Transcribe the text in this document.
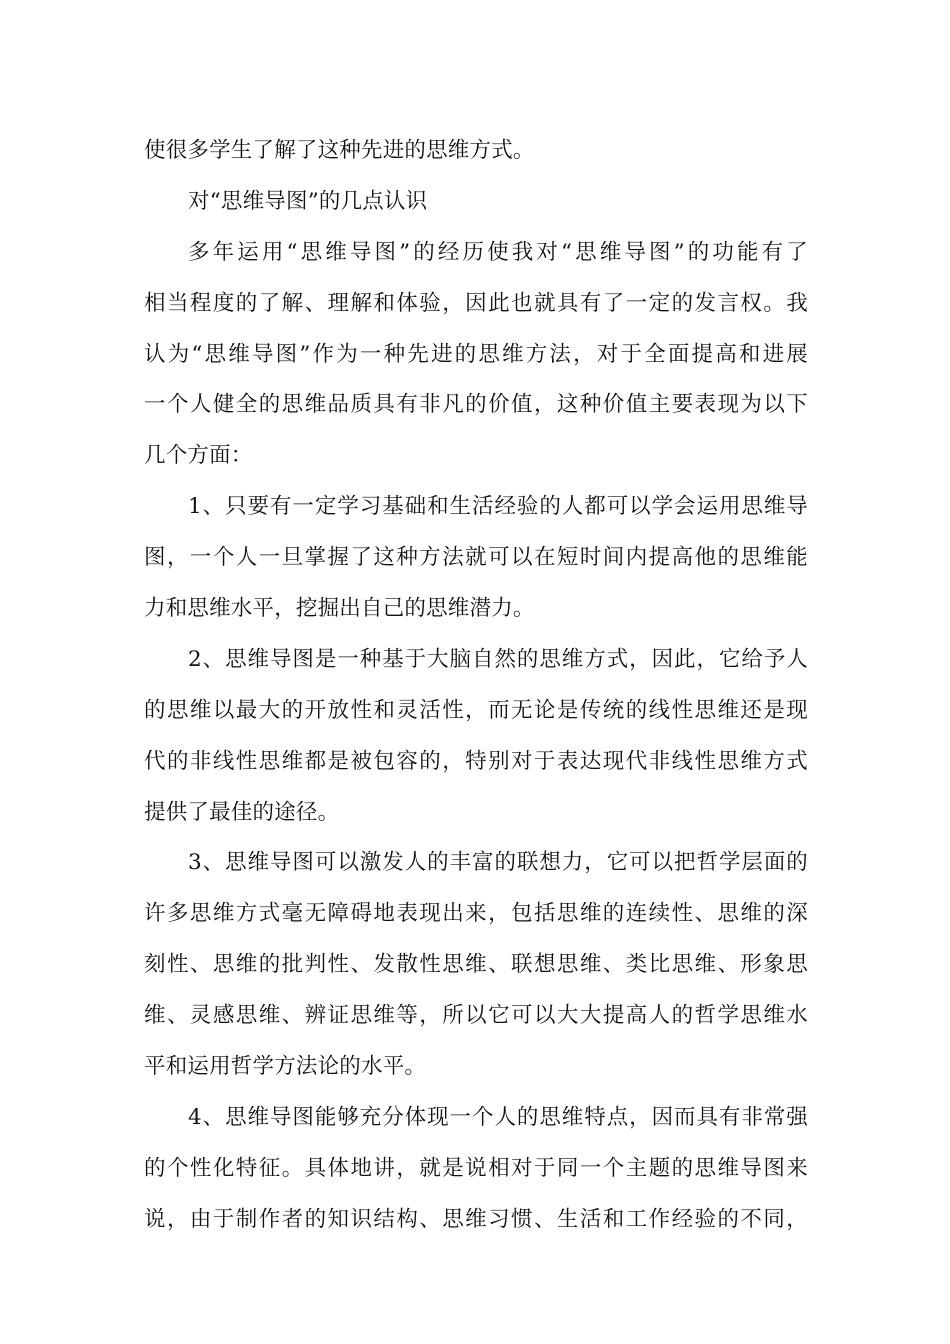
使很多学生了解了这种先进的思维方式。
对“思维导图”的几点认识
多年运用“思维导图”的经历使我对“思维导图”的功能有了
相当程度的了解、理解和体验，因此也就具有了一定的发言权。我
认为“思维导图”作为一种先进的思维方法，对于全面提高和进展
一个人健全的思维品质具有非凡的价值，这种价值主要表现为以下
几个方面：
1、只要有一定学习基础和生活经验的人都可以学会运用思维导
图，一个人一旦掌握了这种方法就可以在短时间内提高他的思维能
力和思维水平，挖掘出自己的思维潜力。
2、思维导图是一种基于大脑自然的思维方式，因此，它给予人
的思维以最大的开放性和灵活性，而无论是传统的线性思维还是现
代的非线性思维都是被包容的，特别对于表达现代非线性思维方式
提供了最佳的途径。
3、思维导图可以激发人的丰富的联想力，它可以把哲学层面的
许多思维方式毫无障碍地表现出来，包括思维的连续性、思维的深
刻性、思维的批判性、发散性思维、联想思维、类比思维、形象思
维、灵感思维、辨证思维等，所以它可以大大提高人的哲学思维水
平和运用哲学方法论的水平。
4、思维导图能够充分体现一个人的思维特点，因而具有非常强
的个性化特征。具体地讲，就是说相对于同一个主题的思维导图来
说，由于制作者的知识结构、思维习惯、生活和工作经验的不同，
